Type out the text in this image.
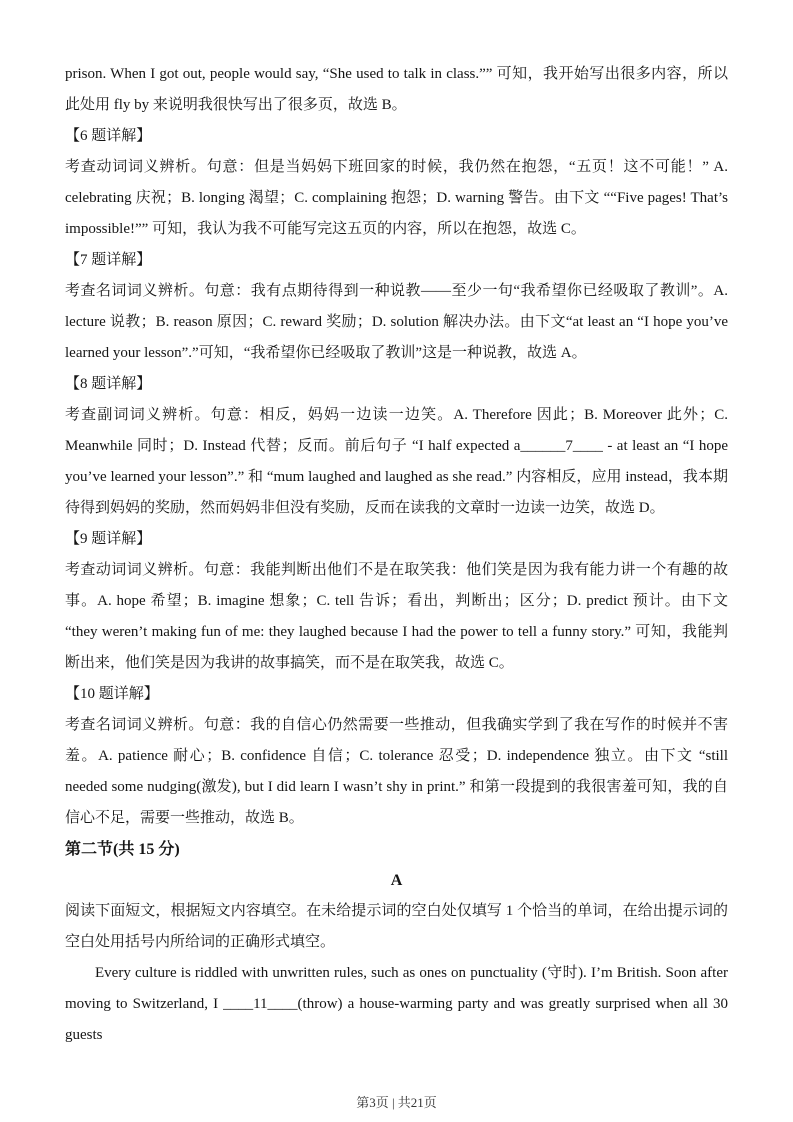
prison. When I got out, people would say, “She used to talk in class.”” 可知，我开始写出很多内容，所以此处用 fly by 来说明我很快写出了很多页，故选 B。

【6 题详解】

考查动词词义辨析。句意：但是当妈妈下班回家的时候，我仍然在抱怨，“五页！这不可能！” A. celebrating 庆祝；B. longing 渴望；C. complaining 抱怨；D. warning 警告。由下文 ““Five pages! That’s impossible!”” 可知，我认为我不可能写完这五页的内容，所以在抱怨，故选 C。

【7 题详解】

考查名词词义辨析。句意：我有点期待得到一种说教——至少一句“我希望你已经吸取了教训”。A. lecture 说教；B. reason 原因；C. reward 奖励；D. solution 解决办法。由下文“at least an “I hope you’ve learned your lesson”.”可知，“我希望你已经吸取了教训”这是一种说教，故选 A。

【8 题详解】

考查副词词义辨析。句意：相反，妈妈一边读一边笑。A. Therefore 因此；B. Moreover 此外；C. Meanwhile 同时；D. Instead 代替；反而。前后句子 “I half expected a______7____ - at least an “I hope you’ve learned your lesson”.” 和 “mum laughed and laughed as she read.” 内容相反，应用 instead，我本期待得到妈妈的奖励，然而妈妈非但没有奖励，反而在读我的文章时一边读一边笑，故选 D。

【9 题详解】

考查动词词义辨析。句意：我能判断出他们不是在取笑我：他们笑是因为我有能力讲一个有趣的故事。A. hope 希望；B. imagine 想象；C. tell 告诉；看出，判断出；区分；D. predict 预计。由下文 “they weren’t making fun of me: they laughed because I had the power to tell a funny story.” 可知，我能判断出来，他们笑是因为我讲的故事搞笑，而不是在取笑我，故选 C。

【10 题详解】

考查名词词义辨析。句意：我的自信心仍然需要一些推动，但我确实学到了我在写作的时候并不害羞。A. patience 耐心；B. confidence 自信；C. tolerance 忍受；D. independence 独立。由下文 “still needed some nudging(激发), but I did learn I wasn’t shy in print.” 和第一段提到的我很害羞可知，我的自信心不足，需要一些推动，故选 B。

第二节(共 15 分)

A

阅读下面短文，根据短文内容填空。在未给提示词的空白处仅填写 1 个恰当的单词，在给出提示词的空白处用括号内所给词的正确形式填空。

Every culture is riddled with unwritten rules, such as ones on punctuality (守时). I’m British. Soon after moving to Switzerland, I ____11____(throw) a house-warming party and was greatly surprised when all 30 guests

第3页 | 共21页
